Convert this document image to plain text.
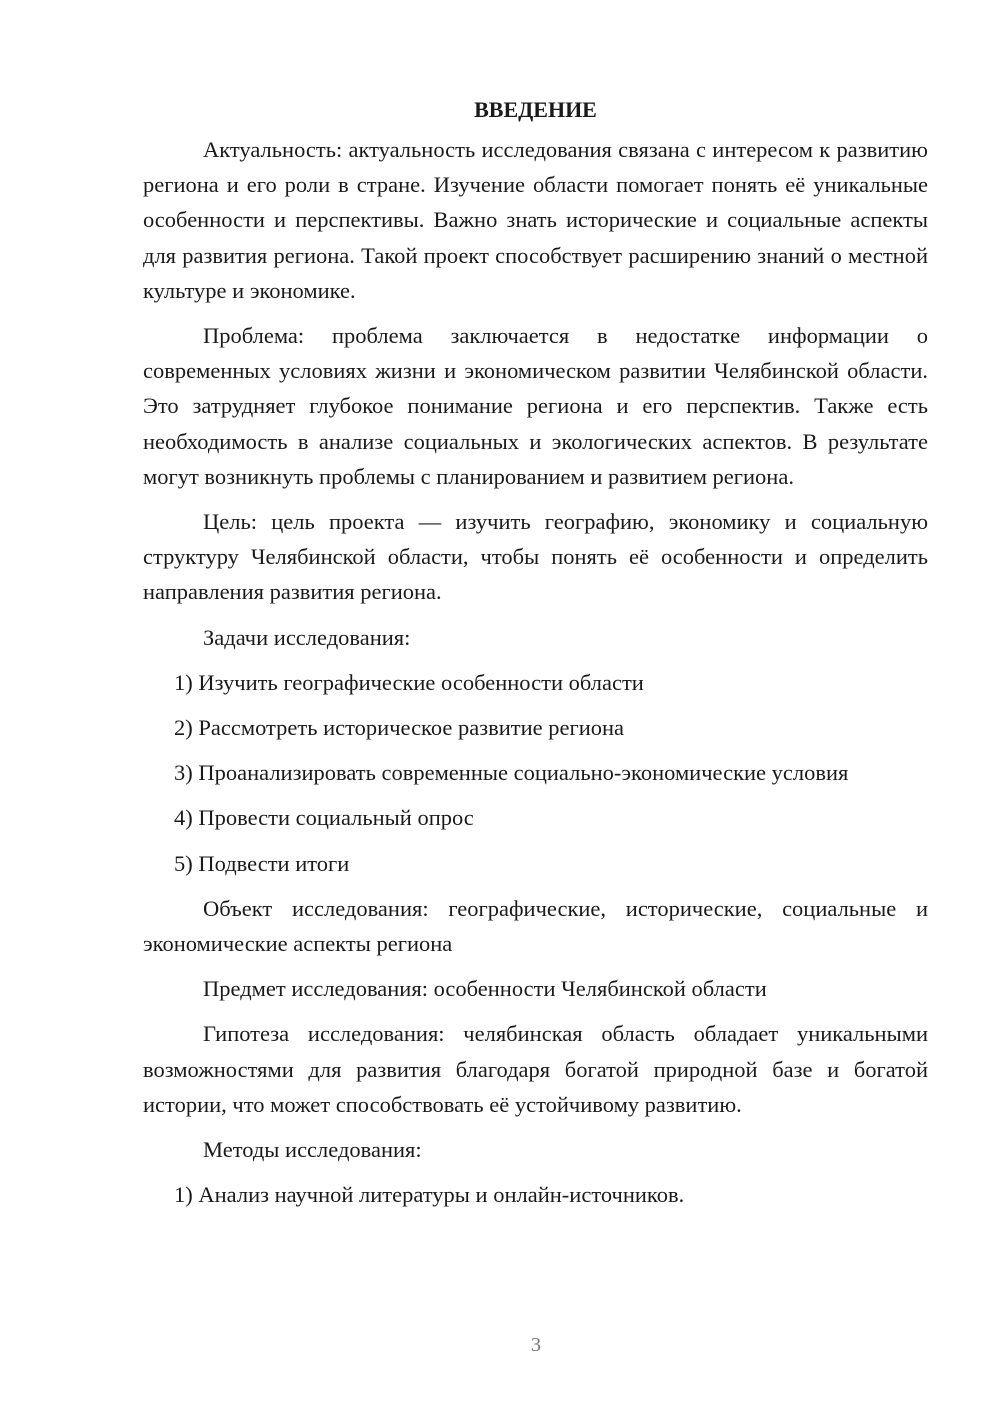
ВВЕДЕНИЕ

Актуальность: актуальность исследования связана с интересом к развитию региона и его роли в стране. Изучение области помогает понять её уникальные особенности и перспективы. Важно знать исторические и социальные аспекты для развития региона. Такой проект способствует расширению знаний о местной культуре и экономике.

Проблема: проблема заключается в недостатке информации о современных условиях жизни и экономическом развитии Челябинской области. Это затрудняет глубокое понимание региона и его перспектив. Также есть необходимость в анализе социальных и экологических аспектов. В результате могут возникнуть проблемы с планированием и развитием региона.

Цель: цель проекта — изучить географию, экономику и социальную структуру Челябинской области, чтобы понять её особенности и определить направления развития региона.

Задачи исследования:

1) Изучить географические особенности области

2) Рассмотреть историческое развитие региона

3) Проанализировать современные социально-экономические условия

4) Провести социальный опрос

5) Подвести итоги

Объект исследования: географические, исторические, социальные и экономические аспекты региона

Предмет исследования: особенности Челябинской области

Гипотеза исследования: челябинская область обладает уникальными возможностями для развития благодаря богатой природной базе и богатой истории, что может способствовать её устойчивому развитию.

Методы исследования:

1) Анализ научной литературы и онлайн-источников.

3
